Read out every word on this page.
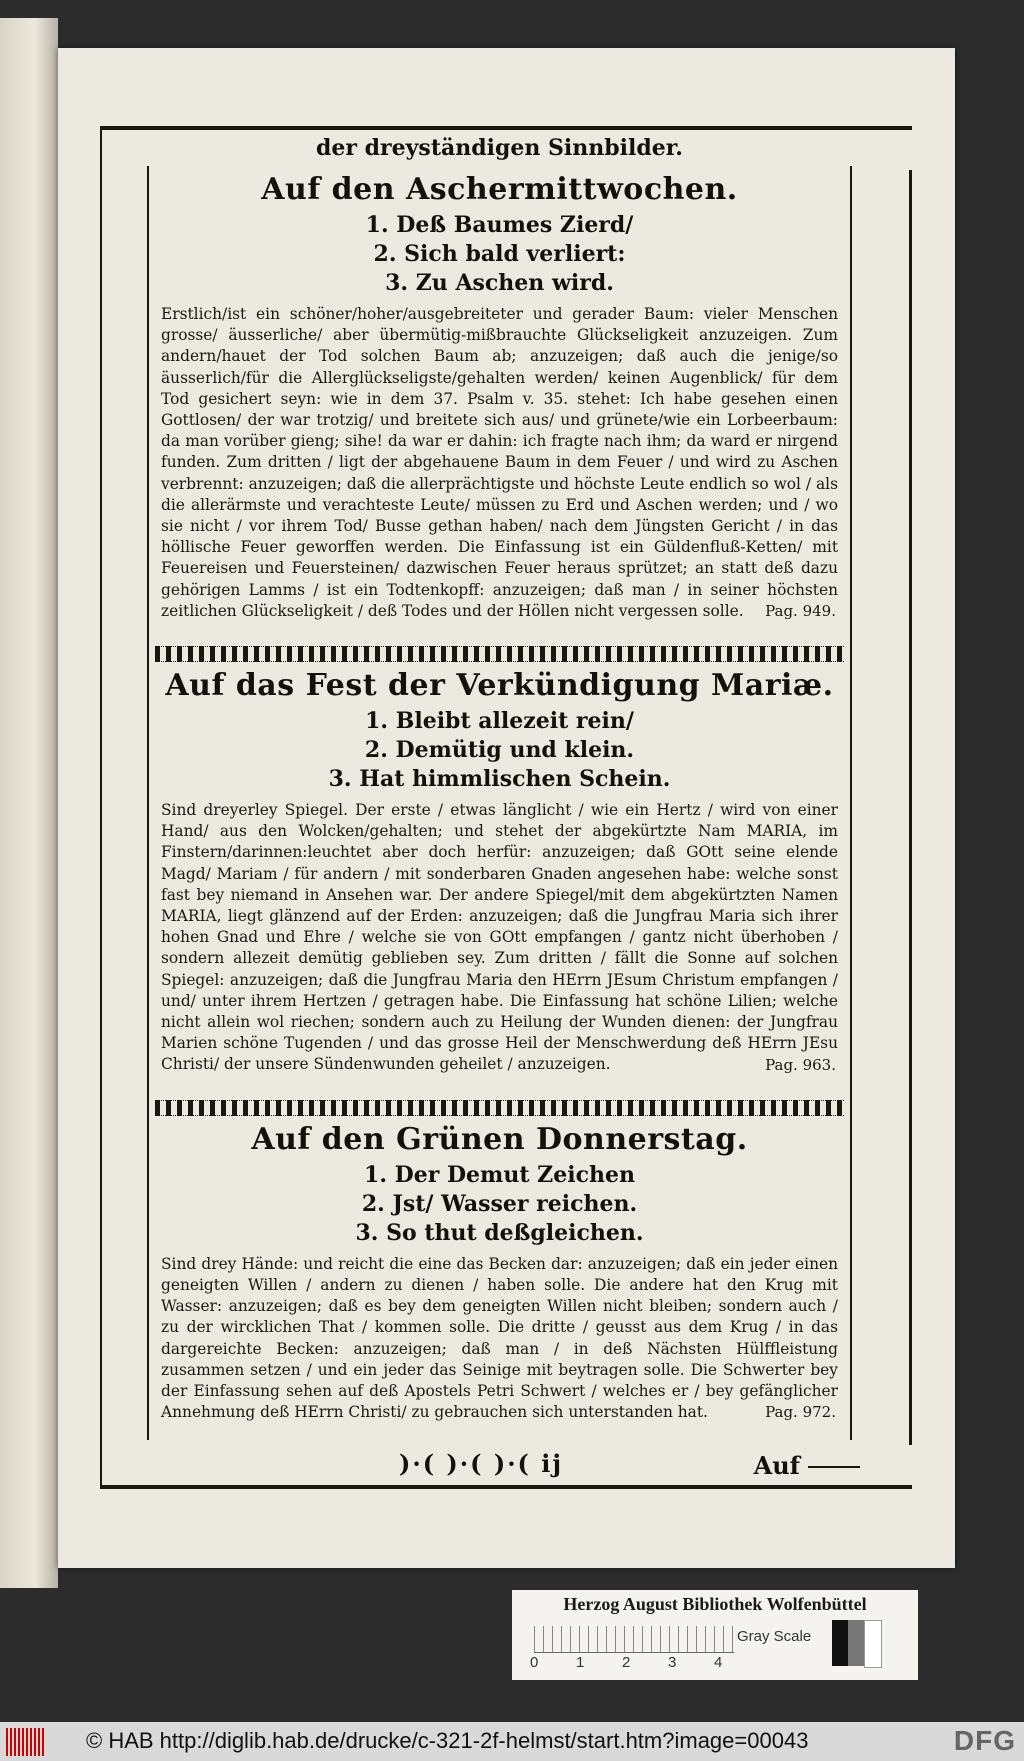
der dreyständigen Sinnbilder.
Auf den Aschermittwochen.
1. Deß Baumes Zierd/
2. Sich bald verliert:
3. Zu Aschen wird.
Erstlich/ist ein schöner/hoher/ausgebreiteter und gerader Baum: vieler Menschen grosse/ äusserliche/ aber übermütig-mißbrauchte Glückseligkeit anzuzeigen. Zum andern/hauet der Tod solchen Baum ab; anzuzeigen; daß auch die jenige/so äusserlich/für die Allerglückseligste/gehalten werden/ keinen Augenblick/ für dem Tod gesichert seyn: wie in dem 37. Psalm v. 35. stehet: Ich habe gesehen einen Gottlosen/ der war trotzig/ und breitete sich aus/ und grünete/wie ein Lorbeerbaum: da man vorüber gieng; sihe! da war er dahin: ich fragte nach ihm; da ward er nirgend funden. Zum dritten / ligt der abgehauene Baum in dem Feuer / und wird zu Aschen verbrennt: anzuzeigen; daß die allerprächtigste und höchste Leute endlich so wol / als die allerärmste und verachteste Leute/ müssen zu Erd und Aschen werden; und / wo sie nicht / vor ihrem Tod/ Busse gethan haben/ nach dem Jüngsten Gericht / in das höllische Feuer geworffen werden. Die Einfassung ist ein Güldenfluß-Ketten/ mit Feuereisen und Feuersteinen/ dazwischen Feuer heraus sprützet; an statt deß dazu gehörigen Lamms / ist ein Todtenkopff: anzuzeigen; daß man / in seiner höchsten zeitlichen Glückseligkeit / deß Todes und der Höllen nicht vergessen solle.	Pag. 949.
Auf das Fest der Verkündigung Mariæ.
1. Bleibt allezeit rein/
2. Demütig und klein.
3. Hat himmlischen Schein.
Sind dreyerley Spiegel. Der erste / etwas länglicht / wie ein Hertz / wird von einer Hand/ aus den Wolcken/gehalten; und stehet der abgekürtzte Nam MARIA, im Finstern/darinnen:leuchtet aber doch herfür: anzuzeigen; daß GOtt seine elende Magd/ Mariam / für andern / mit sonderbaren Gnaden angesehen habe: welche sonst fast bey niemand in Ansehen war. Der andere Spiegel/mit dem abgekürtzten Namen MARIA, liegt glänzend auf der Erden: anzuzeigen; daß die Jungfrau Maria sich ihrer hohen Gnad und Ehre / welche sie von GOtt empfangen / gantz nicht überhoben / sondern allezeit demütig geblieben sey. Zum dritten / fällt die Sonne auf solchen Spiegel: anzuzeigen; daß die Jungfrau Maria den HErrn JEsum Christum empfangen / und/ unter ihrem Hertzen / getragen habe. Die Einfassung hat schöne Lilien; welche nicht allein wol riechen; sondern auch zu Heilung der Wunden dienen: der Jungfrau Marien schöne Tugenden / und das grosse Heil der Menschwerdung deß HErrn JEsu Christi/ der unsere Sündenwunden geheilet / anzuzeigen.	Pag. 963.
Auf den Grünen Donnerstag.
1. Der Demut Zeichen
2. Jst/ Wasser reichen.
3. So thut deßgleichen.
Sind drey Hände: und reicht die eine das Becken dar: anzuzeigen; daß ein jeder einen geneigten Willen / andern zu dienen / haben solle. Die andere hat den Krug mit Wasser: anzuzeigen; daß es bey dem geneigten Willen nicht bleiben; sondern auch / zu der wircklichen That / kommen solle. Die dritte / geusst aus dem Krug / in das dargereichte Becken: anzuzeigen; daß man / in deß Nächsten Hülffleistung zusammen setzen / und ein jeder das Seinige mit beytragen solle. Die Schwerter bey der Einfassung sehen auf deß Apostels Petri Schwert / welches er / bey gefänglicher Annehmung deß HErrn Christi/ zu gebrauchen sich unterstanden hat.	Pag. 972.
)·( )·( )·( ij	Auf
Herzog August Bibliothek Wolfenbüttel
0	1	2	3	4
Gray Scale
© HAB http://diglib.hab.de/drucke/c-321-2f-helmst/start.htm?image=00043	DFG
